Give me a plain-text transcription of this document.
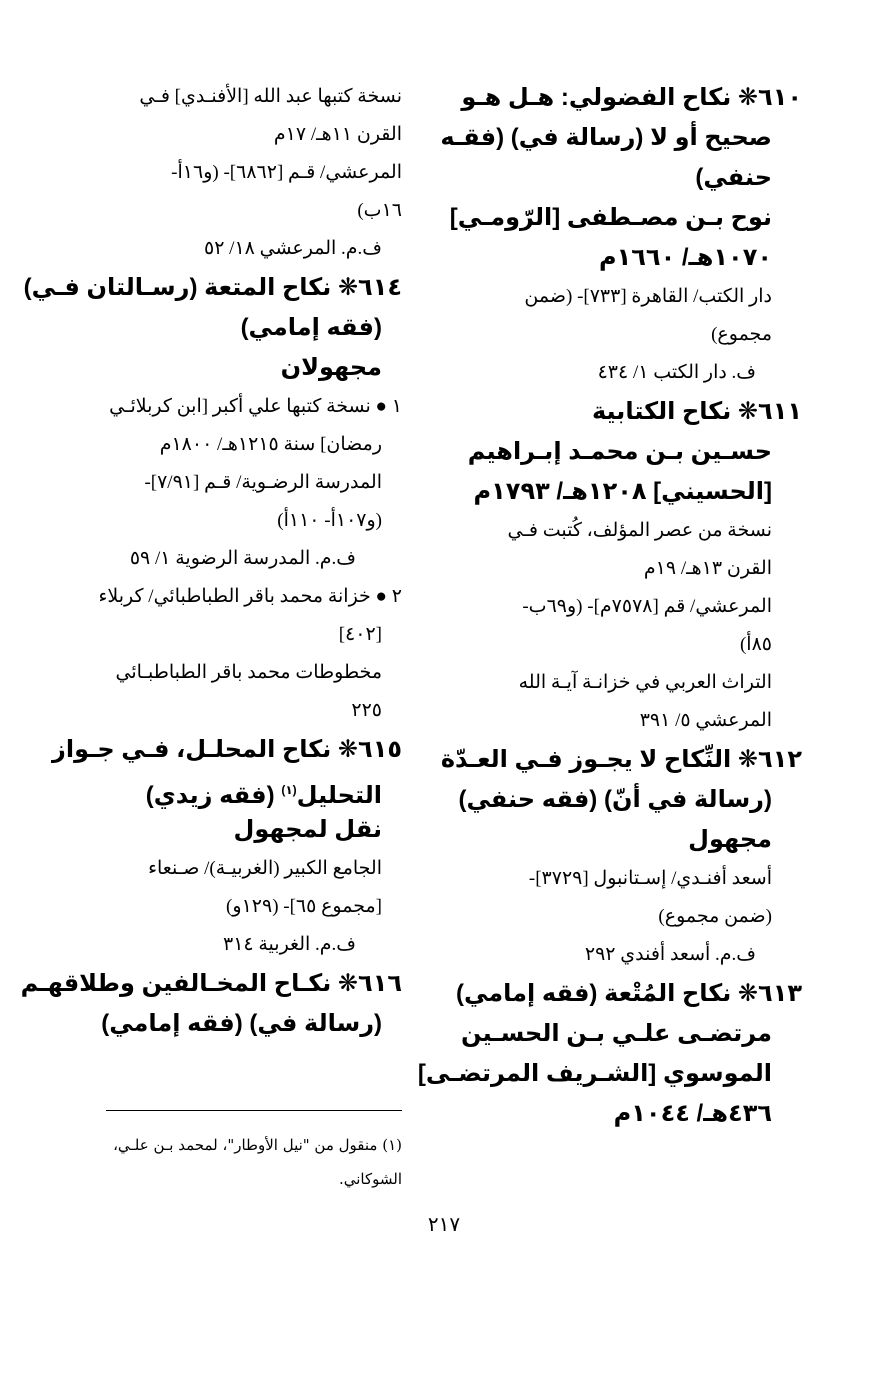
٦١٠❋ نكاح الفضولي: هـل هـو
صحيح أو لا (رسالة في) (فقـه
حنفي)
نوح بـن مصـطفى [الرّومـي]
١٠٧٠هـ/ ١٦٦٠م
دار الكتب/ القاهرة [٧٣٣]- (ضمن
مجموع)
ف. دار الكتب ١/ ٤٣٤
٦١١❋ نكاح الكتابية
حسـين بـن محمـد إبـراهيم
[الحسيني] ١٢٠٨هـ/ ١٧٩٣م
نسخة من عصر المؤلف، كُتبت فـي
القرن ١٣هـ/ ١٩م
المرعشي/ قم [٧٥٧٨م]- (و٦٩ب-
٨٥أ)
التراث العربي في خزانـة آيـة الله
المرعشي ٥/ ٣٩١
٦١٢❋ النِّكاح لا يجـوز فـي العـدّة
(رسالة في أنّ) (فقه حنفي)
مجهول
أسعد أفنـدي/ إسـتانبول [٣٧٢٩]-
(ضمن مجموع)
ف.م. أسعد أفندي ٢٩٢
٦١٣❋ نكاح المُتْعة (فقه إمامي)
مرتضـى علـي بـن الحسـين
الموسوي [الشـريف المرتضـى]
٤٣٦هـ/ ١٠٤٤م
نسخة كتبها عبد الله [الأفنـدي] فـي
القرن ١١هـ/ ١٧م
المرعشي/ قـم [٦٨٦٢]- (و١٦أ-
١٦ب)
ف.م. المرعشي ١٨/ ٥٢
٦١٤❋ نكاح المتعة (رسـالتان فـي)
(فقه إمامي)
مجهولان
١ ● نسخة كتبها علي أكبر [ابن كربلائـي
رمضان] سنة ١٢١٥هـ/ ١٨٠٠م
المدرسة الرضـوية/ قـم [٧/٩١]-
(و١٠٧أ- ١١٠أ)
ف.م. المدرسة الرضوية ١/ ٥٩
٢ ● خزانة محمد باقر الطباطبائي/ كربلاء
[٤٠٢]
مخطوطات محمد باقر الطباطبـائي
٢٢٥
٦١٥❋ نكاح المحلـل، فـي جـواز
التحليل$^{(١)}$ (فقه زيدي)
نقل لمجهول
الجامع الكبير (الغربيـة)/ صـنعاء
[مجموع ٦٥]- (١٢٩و)
ف.م. الغربية ٣١٤
٦١٦❋ نكـاح المخـالفين وطلاقهـم
(رسالة في) (فقه إمامي)
(١) منقول من "نيل الأوطار"، لمحمد بـن علـي،
الشوكاني.
٢١٧
